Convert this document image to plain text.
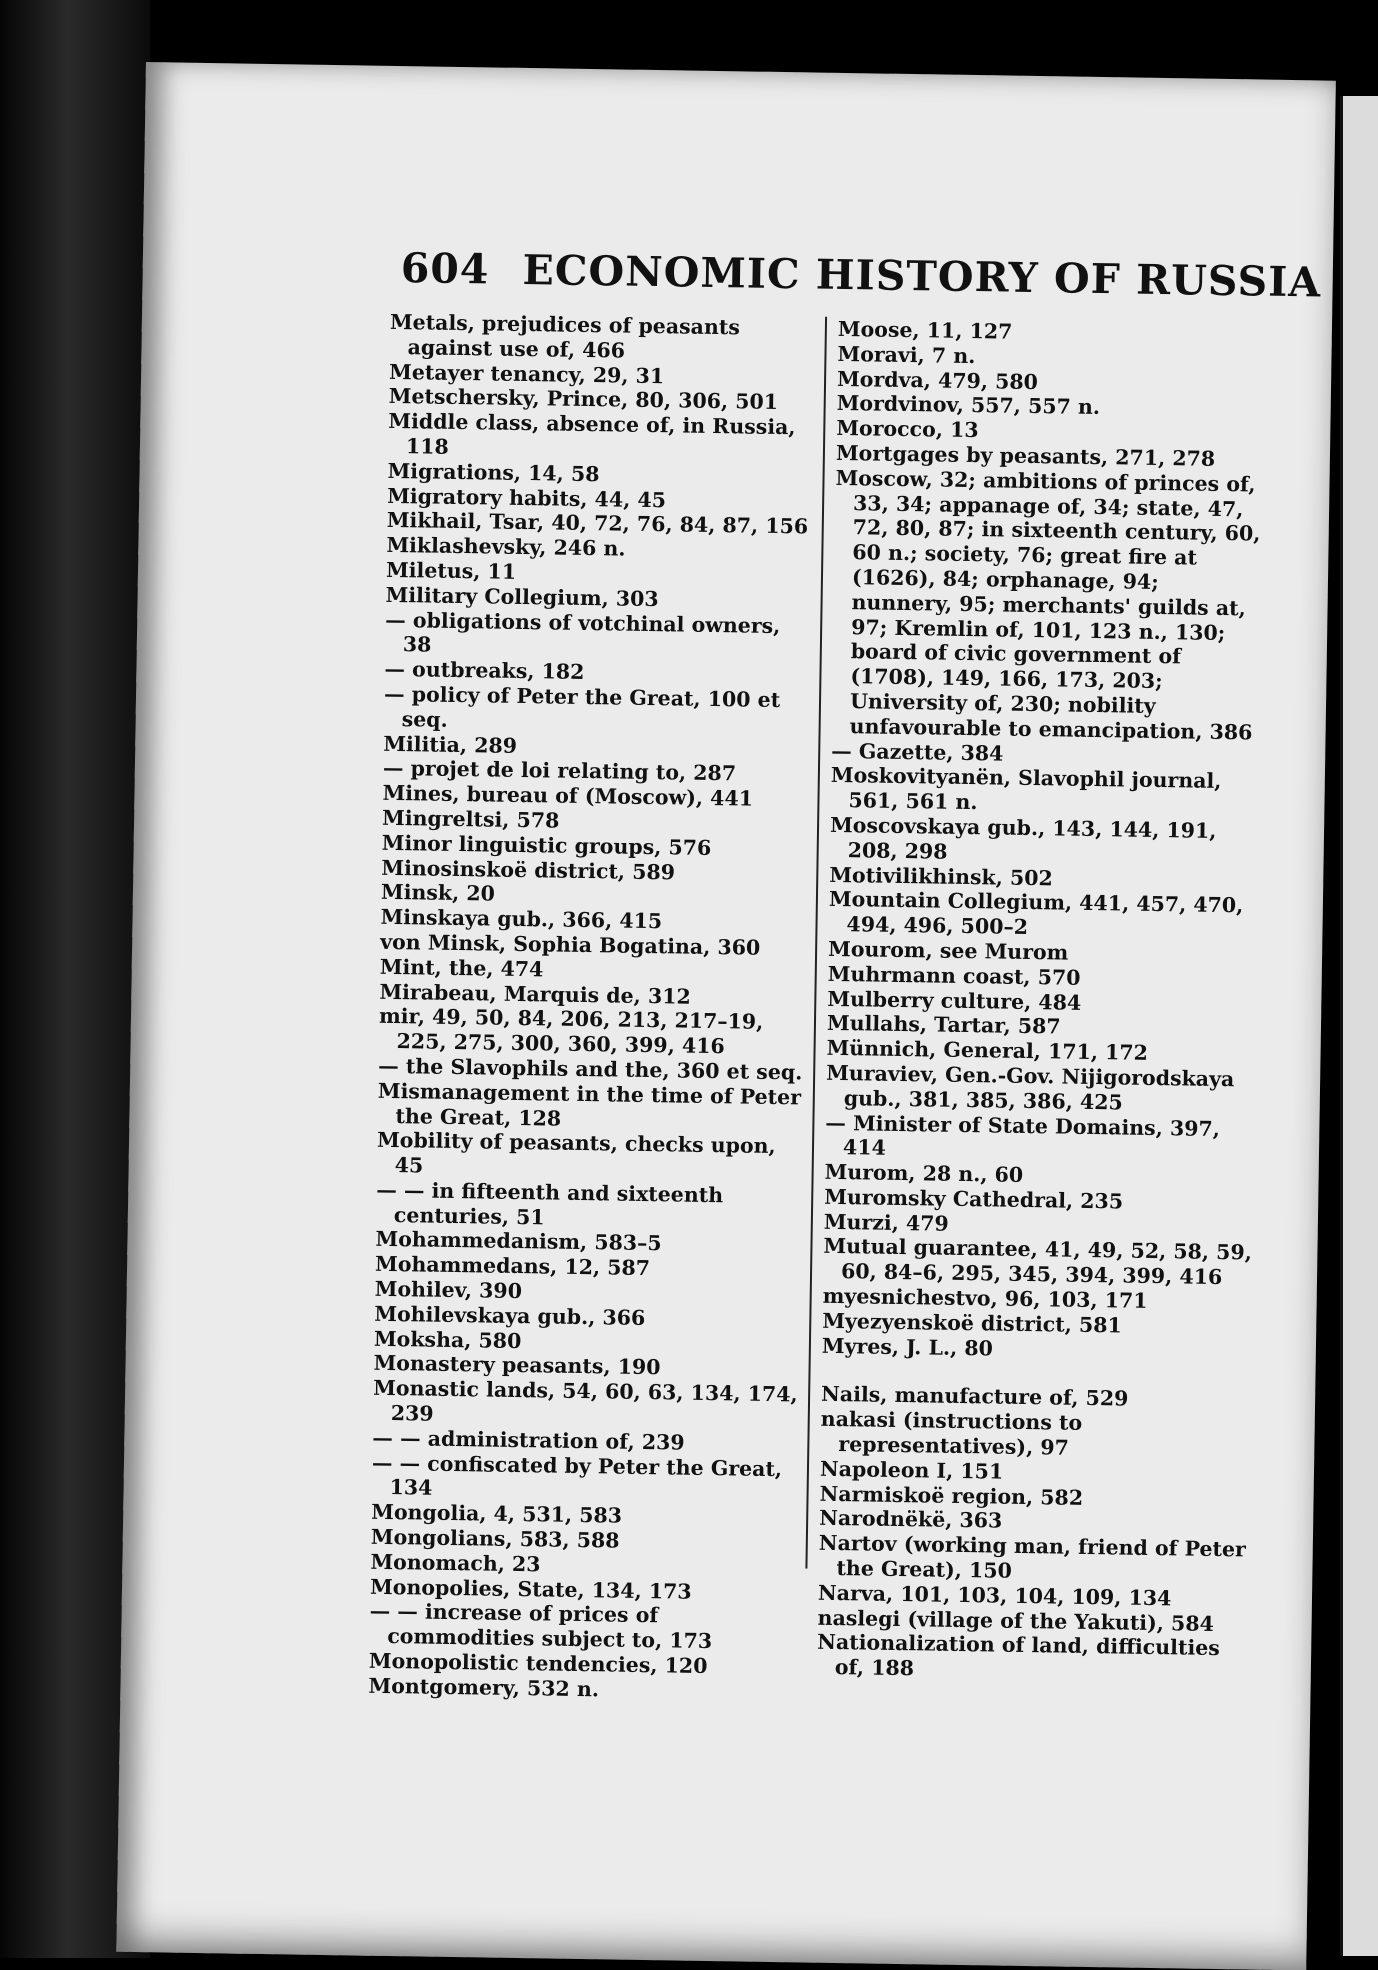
604 ECONOMIC HISTORY OF RUSSIA
Metals, prejudices of peasants against use of, 466
Metayer tenancy, 29, 31
Metschersky, Prince, 80, 306, 501
Middle class, absence of, in Russia, 118
Migrations, 14, 58
Migratory habits, 44, 45
Mikhail, Tsar, 40, 72, 76, 84, 87, 156
Miklashevsky, 246 n.
Miletus, 11
Military Collegium, 303
— obligations of votchinal owners, 38
— outbreaks, 182
— policy of Peter the Great, 100 et seq.
Militia, 289
— projet de loi relating to, 287
Mines, bureau of (Moscow), 441
Mingreltsi, 578
Minor linguistic groups, 576
Minosinskoë district, 589
Minsk, 20
Minskaya gub., 366, 415
von Minsk, Sophia Bogatina, 360
Mint, the, 474
Mirabeau, Marquis de, 312
mir, 49, 50, 84, 206, 213, 217–19, 225, 275, 300, 360, 399, 416
— the Slavophils and the, 360 et seq.
Mismanagement in the time of Peter the Great, 128
Mobility of peasants, checks upon, 45
— — in fifteenth and sixteenth centuries, 51
Mohammedanism, 583–5
Mohammedans, 12, 587
Mohilev, 390
Mohilevskaya gub., 366
Moksha, 580
Monastery peasants, 190
Monastic lands, 54, 60, 63, 134, 174, 239
— — administration of, 239
— — confiscated by Peter the Great, 134
Mongolia, 4, 531, 583
Mongolians, 583, 588
Monomach, 23
Monopolies, State, 134, 173
— — increase of prices of commodities subject to, 173
Monopolistic tendencies, 120
Montgomery, 532 n.
Moose, 11, 127
Moravi, 7 n.
Mordva, 479, 580
Mordvinov, 557, 557 n.
Morocco, 13
Mortgages by peasants, 271, 278
Moscow, 32; ambitions of princes of, 33, 34; appanage of, 34; state, 47, 72, 80, 87; in sixteenth century, 60, 60 n.; society, 76; great fire at (1626), 84; orphanage, 94; nunnery, 95; merchants' guilds at, 97; Kremlin of, 101, 123 n., 130; board of civic government of (1708), 149, 166, 173, 203; University of, 230; nobility unfavourable to emancipation, 386
— Gazette, 384
Moskovityanën, Slavophil journal, 561, 561 n.
Moscovskaya gub., 143, 144, 191, 208, 298
Motivilikhinsk, 502
Mountain Collegium, 441, 457, 470, 494, 496, 500–2
Mourom, see Murom
Muhrmann coast, 570
Mulberry culture, 484
Mullahs, Tartar, 587
Münnich, General, 171, 172
Muraviev, Gen.-Gov. Nijigorodskaya gub., 381, 385, 386, 425
— Minister of State Domains, 397, 414
Murom, 28 n., 60
Muromsky Cathedral, 235
Murzi, 479
Mutual guarantee, 41, 49, 52, 58, 59, 60, 84–6, 295, 345, 394, 399, 416
myesnichestvo, 96, 103, 171
Myezyenskoë district, 581
Myres, J. L., 80
Nails, manufacture of, 529
nakasi (instructions to representatives), 97
Napoleon I, 151
Narmiskoë region, 582
Narodnëkë, 363
Nartov (working man, friend of Peter the Great), 150
Narva, 101, 103, 104, 109, 134
naslegi (village of the Yakuti), 584
Nationalization of land, difficulties of, 188
